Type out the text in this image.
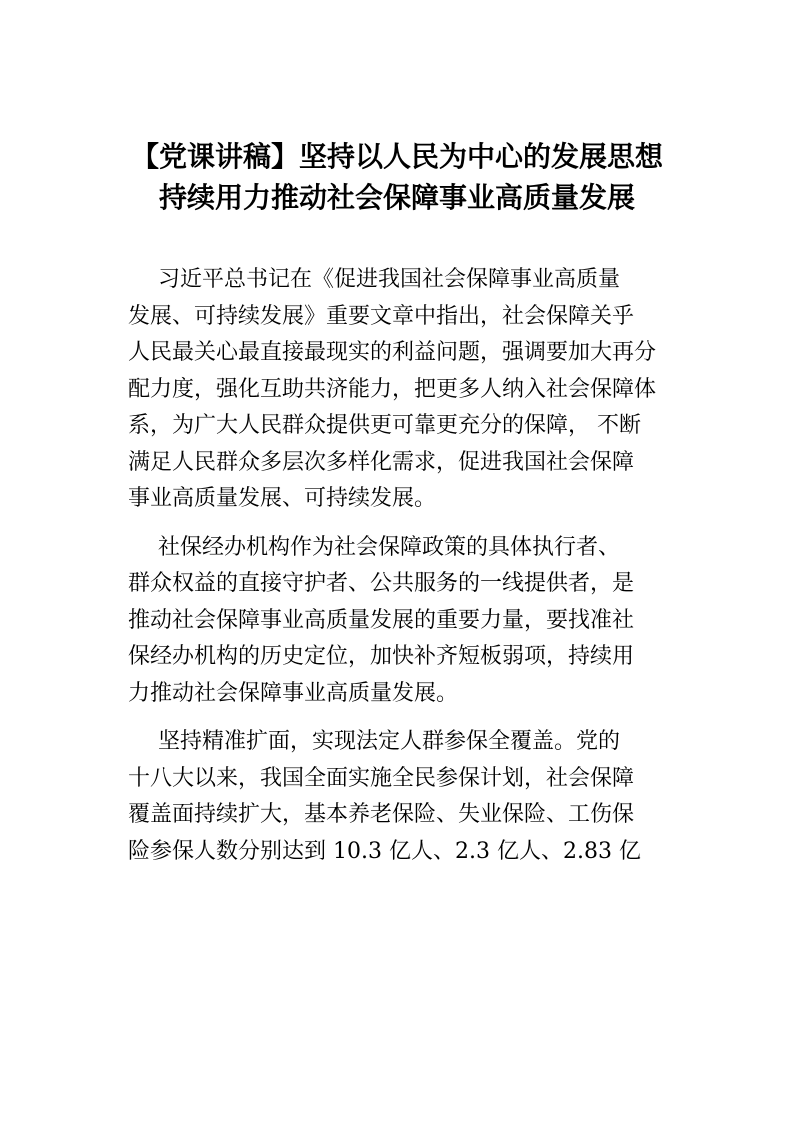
【党课讲稿】坚持以人民为中心的发展思想
持续用力推动社会保障事业高质量发展
习近平总书记在《促进我国社会保障事业高质量
发展、可持续发展》重要文章中指出，社会保障关乎
人民最关心最直接最现实的利益问题，强调要加大再分
配力度，强化互助共济能力，把更多人纳入社会保障体
系，为广大人民群众提供更可靠更充分的保障， 不断
满足人民群众多层次多样化需求，促进我国社会保障
事业高质量发展、可持续发展。
社保经办机构作为社会保障政策的具体执行者、
群众权益的直接守护者、公共服务的一线提供者，是
推动社会保障事业高质量发展的重要力量，要找准社
保经办机构的历史定位，加快补齐短板弱项，持续用
力推动社会保障事业高质量发展。
坚持精准扩面，实现法定人群参保全覆盖。党的
十八大以来，我国全面实施全民参保计划，社会保障
覆盖面持续扩大，基本养老保险、失业保险、工伤保
险参保人数分别达到 10.3 亿人、2.3 亿人、2.83 亿
